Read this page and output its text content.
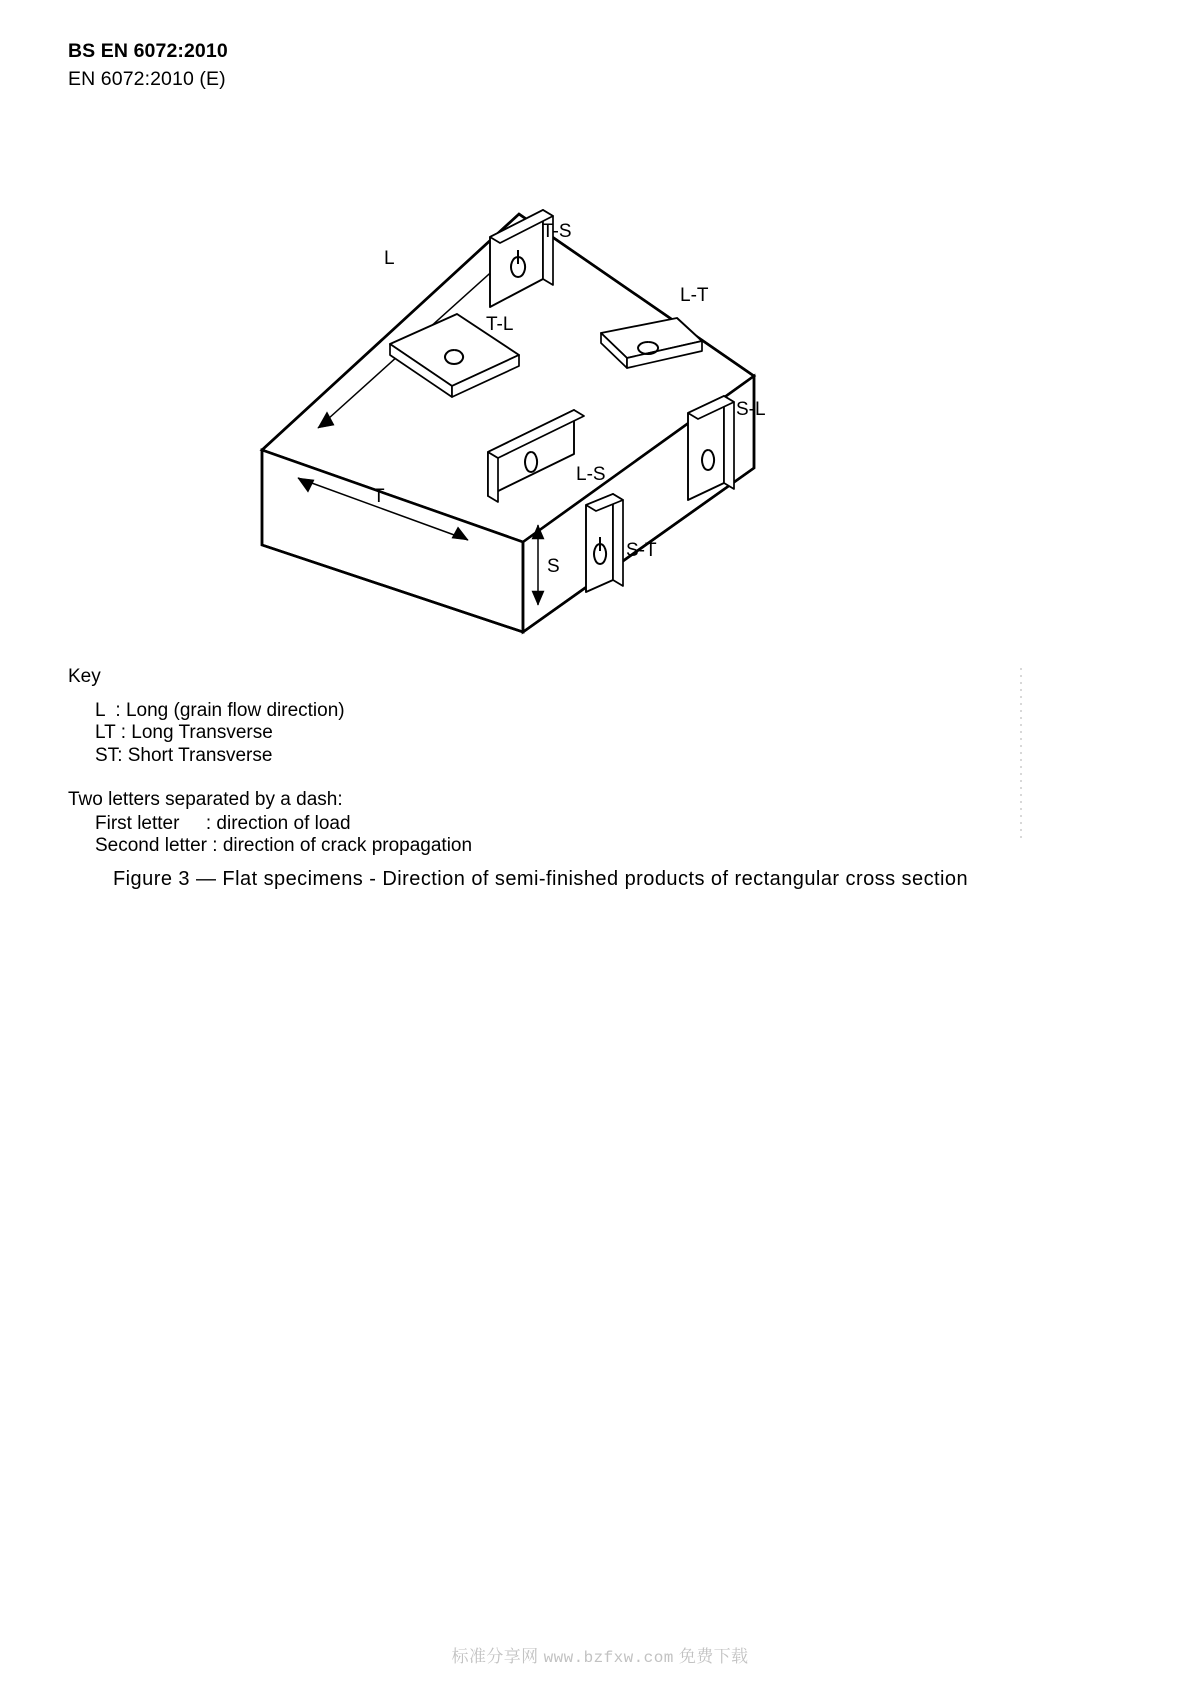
BS EN 6072:2010
EN 6072:2010 (E)
L
T
S
T-S
L-T
T-L
L-S
S-T
S-L
Key
L  : Long (grain flow direction)
LT : Long Transverse
ST: Short Transverse
Two letters separated by a dash:
First letter     : direction of load
Second letter : direction of crack propagation
Figure 3 — Flat specimens - Direction of semi-finished products of rectangular cross section
标准分享网 www.bzfxw.com 免费下载
